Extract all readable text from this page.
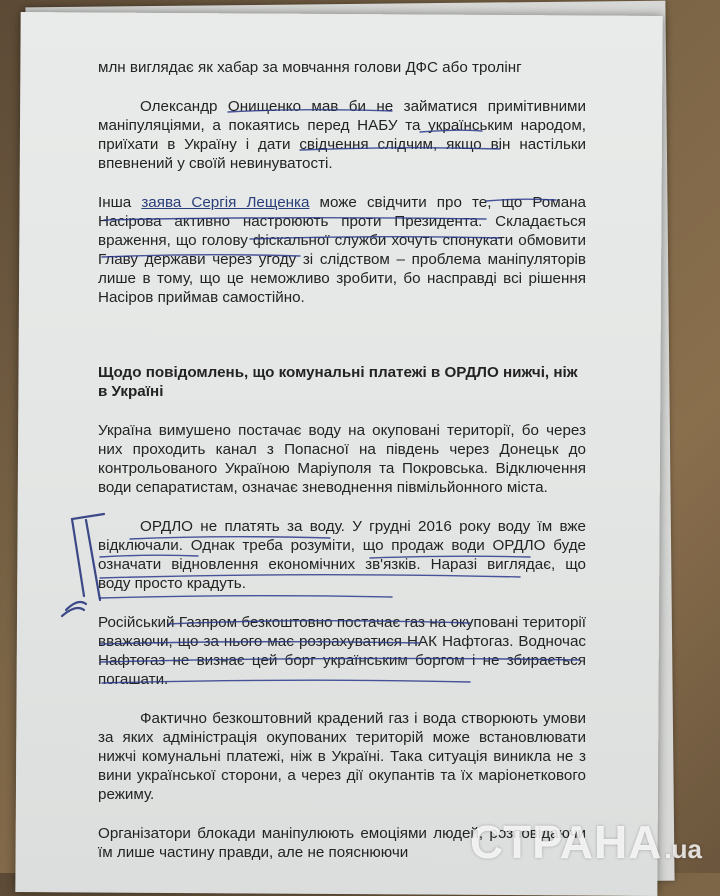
млн виглядає як хабар за мовчання голови ДФС або тролінг

Олександр Онищенко мав би не займатися примітивними маніпуляціями, а покаятись перед НАБУ та українським народом, приїхати в Україну і дати свідчення слідчим, якщо він настільки впевнений у своїй невинуватості.

Інша заява Сергія Лещенка може свідчити про те, що Романа Насірова активно настроюють проти Президента. Складається враження, що голову фіскальної служби хочуть спонукати обмовити Главу держави через угоду зі слідством – проблема маніпуляторів лише в тому, що це неможливо зробити, бо насправді всі рішення Насіров приймав самостійно.

Щодо повідомлень, що комунальні платежі в ОРДЛО нижчі, ніж в Україні

Україна вимушено постачає воду на окуповані території, бо через них проходить канал з Попасної на південь через Донецьк до контрольованого Україною Маріуполя та Покровська. Відключення води сепаратистам, означає зневоднення півмільйонного міста.

ОРДЛО не платять за воду. У грудні 2016 року воду їм вже відключали. Однак треба розуміти, що продаж води ОРДЛО буде означати відновлення економічних зв'язків. Наразі виглядає, що воду просто крадуть.

Російський Газпром безкоштовно постачає газ на окуповані території вважаючи, що за нього має розрахуватися НАК Нафтогаз. Водночас Нафтогаз не визнає цей борг українським боргом і не збирається погашати.

Фактично безкоштовний крадений газ і вода створюють умови за яких адміністрація окупованих територій може встановлювати нижчі комунальні платежі, ніж в Україні. Така ситуація виникла не з вини української сторони, а через дії окупантів та їх маріонеткового режиму.

Організатори блокади маніпулюють емоціями людей, розповідаючи їм лише частину правди, але не пояснюючи	СТРАНА .ua
